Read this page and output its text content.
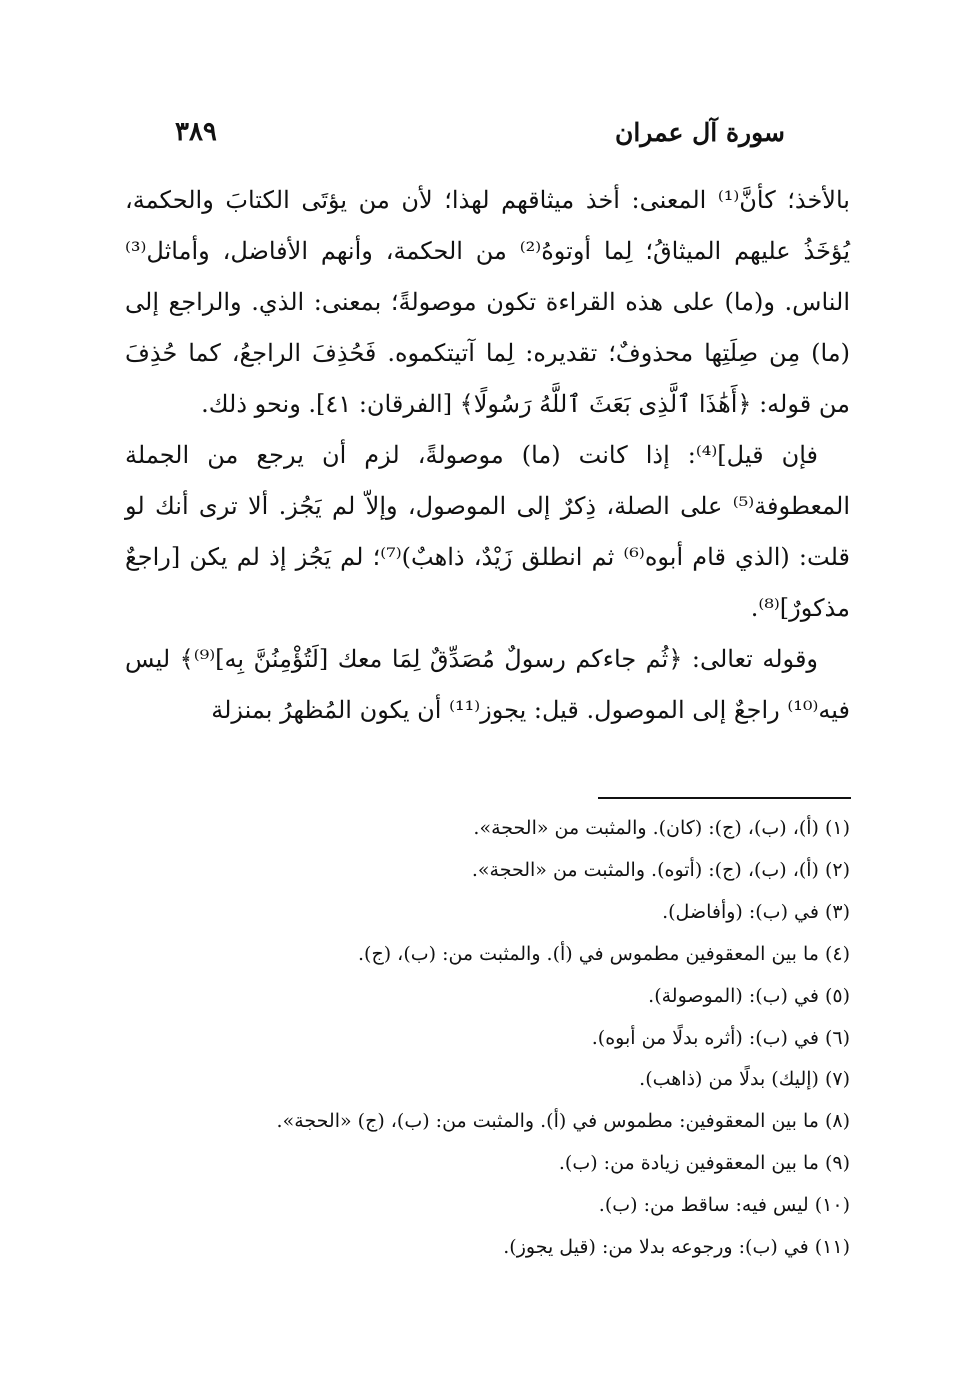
سورة آل عمران
٣٨٩

بالأخذ؛ كأنَّ⁽¹⁾ المعنى: أخذ ميثاقهم لهذا؛ لأن من يؤتَى الكتابَ والحكمة، يُؤخَذُ عليهم الميثاقُ؛ لِما أوتوهُ⁽²⁾ من الحكمة، وأنهم الأفاضل، وأماثل⁽³⁾ الناس. و(ما) على هذه القراءة تكون موصولةً؛ بمعنى: الذي. والراجع إلى (ما) مِن صِلَتِها محذوفٌ؛ تقديره: لِما آتيتكموه. فَحُذِفَ الراجعُ، كما حُذِفَ من قوله: ﴿أَهَٰذَا ٱلَّذِى بَعَثَ ٱللَّهُ رَسُولًا﴾ [الفرقان: ٤١]. ونحو ذلك.

فإن قيل]⁽⁴⁾: إذا كانت (ما) موصولةً، لزم أن يرجع من الجملة المعطوفة⁽⁵⁾ على الصلة، ذِكرٌ إلى الموصول، وإلاّ لم يَجُز. ألا ترى أنك لو قلت: (الذي قام أبوه⁽⁶⁾ ثم انطلق زَيْدٌ، ذاهبٌ)⁽⁷⁾؛ لم يَجُز إذ لم يكن [راجعٌ مذكورٌ]⁽⁸⁾.

وقوله تعالى: ﴿ثُم جاءكم رسولٌ مُصَدِّقٌ لِمَا معك [لَتُؤْمِنُنَّ بِه]⁽⁹⁾﴾ ليس فيه⁽¹⁰⁾ راجعٌ إلى الموصول. قيل: يجوز⁽¹¹⁾ أن يكون المُظهرُ بمنزلة

(١)(أ)، (ب)، (ج): (كان). والمثبت من «الحجة».

(٢)(أ)، (ب)، (ج): (أتوه). والمثبت من «الحجة».

(٣)في (ب): (وأفاضل).

(٤)ما بين المعقوفين مطموس في (أ). والمثبت من: (ب)، (ج).

(٥)في (ب): (الموصولة).

(٦)في (ب): (أثره بدلًا من أبوه).

(٧)(إليك) بدلًا من (ذاهب).

(٨)ما بين المعقوفين: مطموس في (أ). والمثبت من: (ب)، (ج) «الحجة».

(٩)ما بين المعقوفين زيادة من: (ب).

(١٠)ليس فيه: ساقط من: (ب).

(١١)في (ب): ورجوعه بدلا من: (قيل يجوز).
